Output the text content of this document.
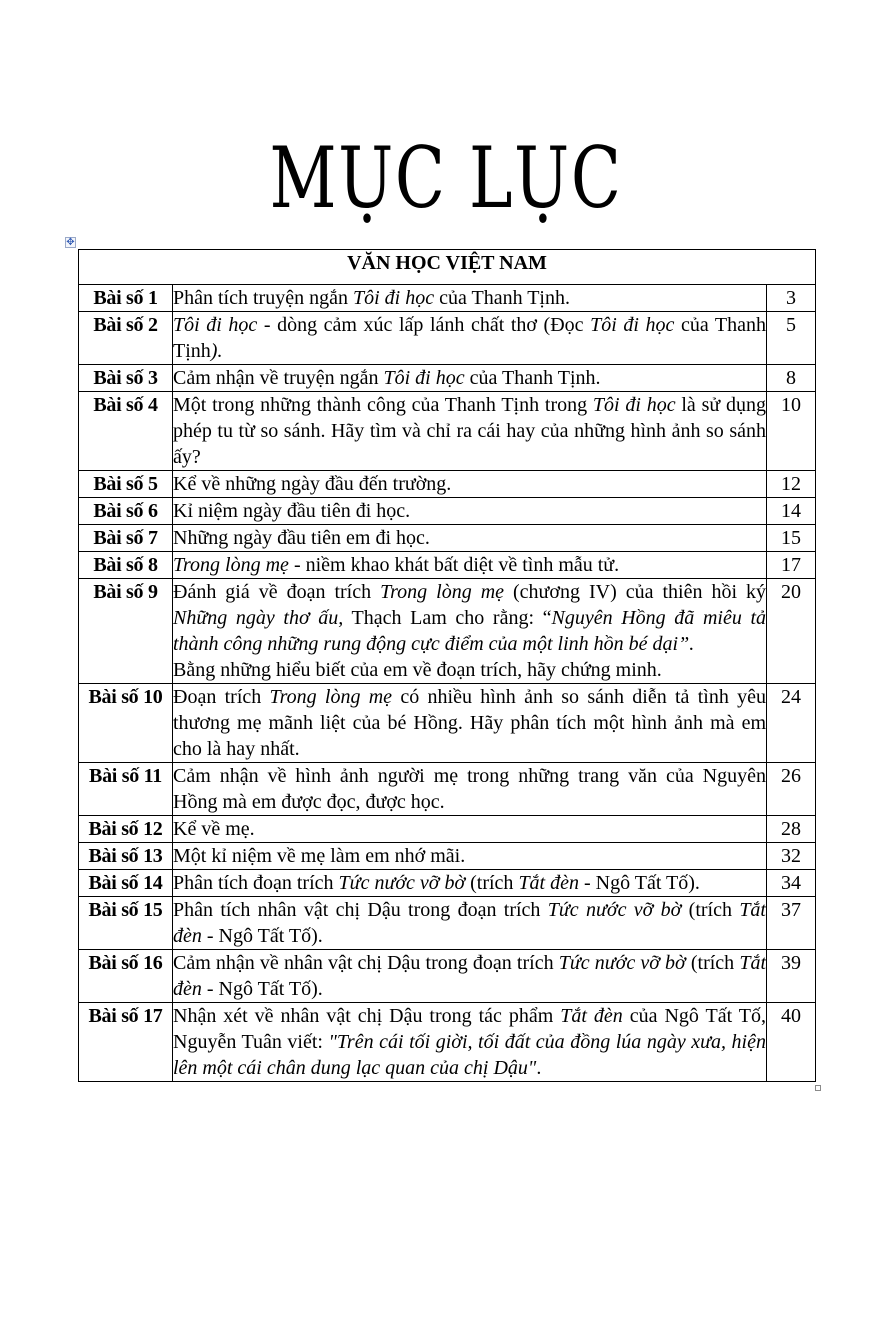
MỤC LỤC
✥
VĂN HỌC VIỆT NAM		
Bài số 1	Phân tích truyện ngắn Tôi đi học của Thanh Tịnh.	3
Bài số 2	Tôi đi học - dòng cảm xúc lấp lánh chất thơ (Đọc Tôi đi học của Thanh Tịnh).	5
Bài số 3	Cảm nhận về truyện ngắn Tôi đi học của Thanh Tịnh.	8
Bài số 4	Một trong những thành công của Thanh Tịnh trong Tôi đi học là sử dụng phép tu từ so sánh. Hãy tìm và chỉ ra cái hay của những hình ảnh so sánh ấy?	10
Bài số 5	Kể về những ngày đầu đến trường.	12
Bài số 6	Kỉ niệm ngày đầu tiên đi học.	14
Bài số 7	Những ngày đầu tiên em đi học.	15
Bài số 8	Trong lòng mẹ - niềm khao khát bất diệt về tình mẫu tử.	17
Bài số 9	Đánh giá về đoạn trích Trong lòng mẹ (chương IV) của thiên hồi ký Những ngày thơ ấu, Thạch Lam cho rằng: “Nguyên Hồng đã miêu tả thành công những rung động cực điểm của một linh hồn bé dại”.

Bằng những hiểu biết của em về đoạn trích, hãy chứng minh.	20
Bài số 10	Đoạn trích Trong lòng mẹ có nhiều hình ảnh so sánh diễn tả tình yêu thương mẹ mãnh liệt của bé Hồng. Hãy phân tích một hình ảnh mà em cho là hay nhất.	24
Bài số 11	Cảm nhận về hình ảnh người mẹ trong những trang văn của Nguyên Hồng mà em được đọc, được học.	26
Bài số 12	Kể về mẹ.	28
Bài số 13	Một kỉ niệm về mẹ làm em nhớ mãi.	32
Bài số 14	Phân tích đoạn trích Tức nước vỡ bờ (trích Tắt đèn - Ngô Tất Tố).	34
Bài số 15	Phân tích nhân vật chị Dậu trong đoạn trích Tức nước vỡ bờ (trích Tắt đèn - Ngô Tất Tố).	37
Bài số 16	Cảm nhận về nhân vật chị Dậu trong đoạn trích Tức nước vỡ bờ (trích Tắt đèn - Ngô Tất Tố).	39
Bài số 17	Nhận xét về nhân vật chị Dậu trong tác phẩm Tắt đèn của Ngô Tất Tố, Nguyễn Tuân viết: "Trên cái tối giời, tối đất của đồng lúa ngày xưa, hiện lên một cái chân dung lạc quan của chị Dậu".	40
